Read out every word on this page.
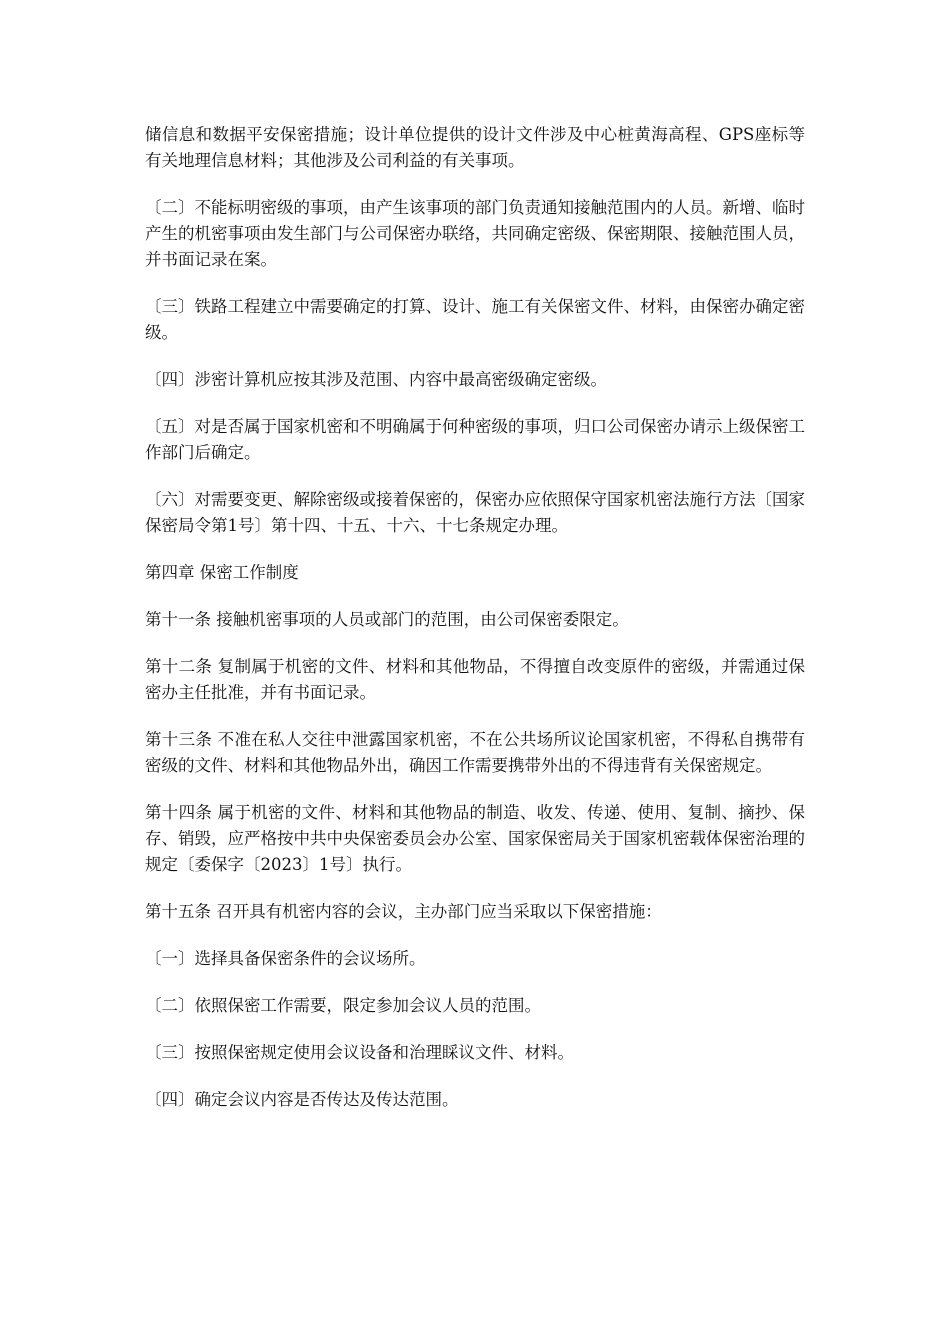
储信息和数据平安保密措施；设计单位提供的设计文件涉及中心桩黄海高程、GPS座标等有关地理信息材料；其他涉及公司利益的有关事项。

〔二〕不能标明密级的事项，由产生该事项的部门负责通知接触范围内的人员。新增、临时产生的机密事项由发生部门与公司保密办联络，共同确定密级、保密期限、接触范围人员，并书面记录在案。

〔三〕铁路工程建立中需要确定的打算、设计、施工有关保密文件、材料，由保密办确定密级。

〔四〕涉密计算机应按其涉及范围、内容中最高密级确定密级。

〔五〕对是否属于国家机密和不明确属于何种密级的事项，归口公司保密办请示上级保密工作部门后确定。

〔六〕对需要变更、解除密级或接着保密的，保密办应依照保守国家机密法施行方法〔国家保密局令第1号〕第十四、十五、十六、十七条规定办理。

第四章 保密工作制度

第十一条 接触机密事项的人员或部门的范围，由公司保密委限定。

第十二条 复制属于机密的文件、材料和其他物品，不得擅自改变原件的密级，并需通过保密办主任批准，并有书面记录。

第十三条 不准在私人交往中泄露国家机密，不在公共场所议论国家机密，不得私自携带有密级的文件、材料和其他物品外出，确因工作需要携带外出的不得违背有关保密规定。

第十四条 属于机密的文件、材料和其他物品的制造、收发、传递、使用、复制、摘抄、保存、销毁，应严格按中共中央保密委员会办公室、国家保密局关于国家机密载体保密治理的规定〔委保字〔2023〕1号〕执行。

第十五条 召开具有机密内容的会议，主办部门应当采取以下保密措施：

〔一〕选择具备保密条件的会议场所。

〔二〕依照保密工作需要，限定参加会议人员的范围。

〔三〕按照保密规定使用会议设备和治理睬议文件、材料。

〔四〕确定会议内容是否传达及传达范围。
